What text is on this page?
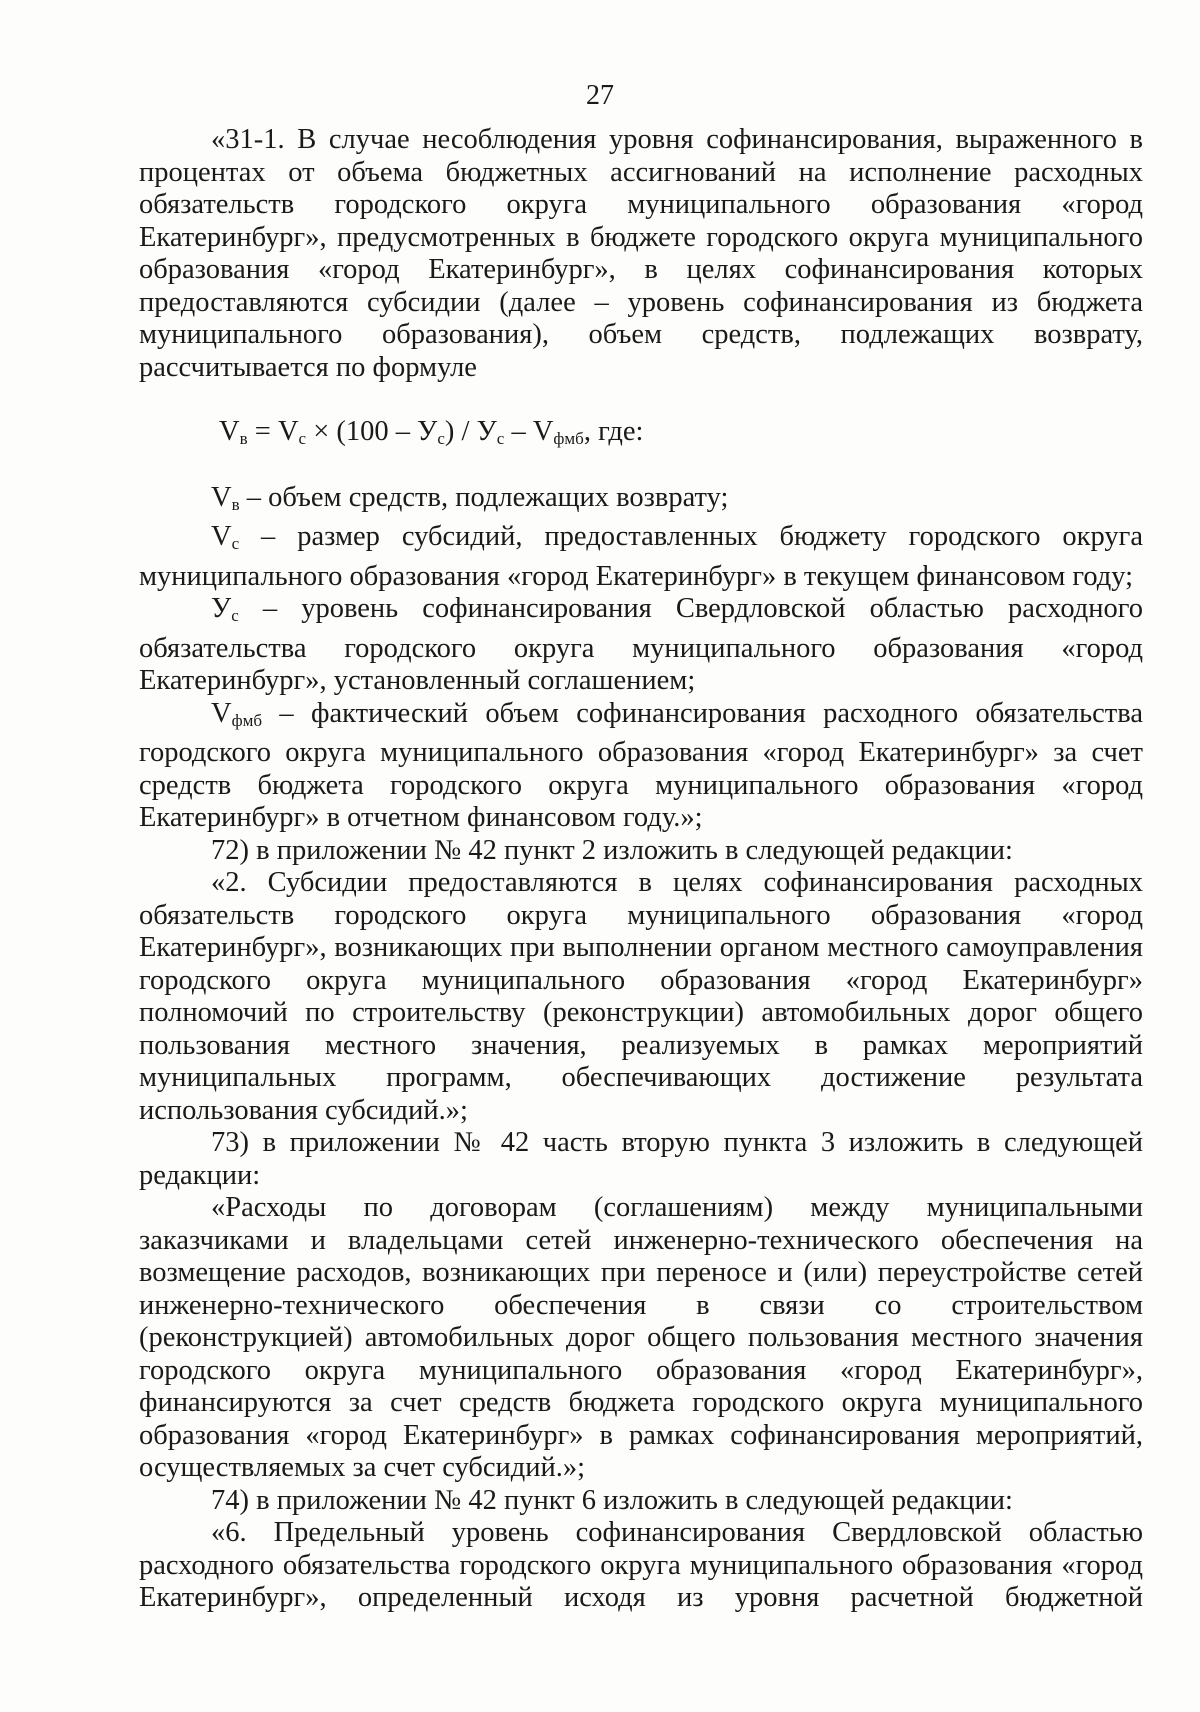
27

«31-1. В случае несоблюдения уровня софинансирования, выраженного в процентах от объема бюджетных ассигнований на исполнение расходных обязательств городского округа муниципального образования «город Екатеринбург», предусмотренных в бюджете городского округа муниципального образования «город Екатеринбург», в целях софинансирования которых предоставляются субсидии (далее – уровень софинансирования из бюджета муниципального образования), объем средств, подлежащих возврату, рассчитывается по формуле

$V_в = V_с \times (100 - У_с) / У_с - V_{фмб}$, где:

$V_в$ – объем средств, подлежащих возврату;

$V_с$ – размер субсидий, предоставленных бюджету городского округа муниципального образования «город Екатеринбург» в текущем финансовом году;

$У_с$ – уровень софинансирования Свердловской областью расходного обязательства городского округа муниципального образования «город Екатеринбург», установленный соглашением;

$V_{фмб}$ – фактический объем софинансирования расходного обязательства городского округа муниципального образования «город Екатеринбург» за счет средств бюджета городского округа муниципального образования «город Екатеринбург» в отчетном финансовом году.»;

72) в приложении № 42 пункт 2 изложить в следующей редакции:

«2. Субсидии предоставляются в целях софинансирования расходных обязательств городского округа муниципального образования «город Екатеринбург», возникающих при выполнении органом местного самоуправления городского округа муниципального образования «город Екатеринбург» полномочий по строительству (реконструкции) автомобильных дорог общего пользования местного значения, реализуемых в рамках мероприятий муниципальных программ, обеспечивающих достижение результата использования субсидий.»;

73) в приложении № 42 часть вторую пункта 3 изложить в следующей редакции:

«Расходы по договорам (соглашениям) между муниципальными заказчиками и владельцами сетей инженерно-технического обеспечения на возмещение расходов, возникающих при переносе и (или) переустройстве сетей инженерно-технического обеспечения в связи со строительством (реконструкцией) автомобильных дорог общего пользования местного значения городского округа муниципального образования «город Екатеринбург», финансируются за счет средств бюджета городского округа муниципального образования «город Екатеринбург» в рамках софинансирования мероприятий, осуществляемых за счет субсидий.»;

74) в приложении № 42 пункт 6 изложить в следующей редакции:

«6. Предельный уровень софинансирования Свердловской областью расходного обязательства городского округа муниципального образования «город Екатеринбург», определенный исходя из уровня расчетной бюджетной
